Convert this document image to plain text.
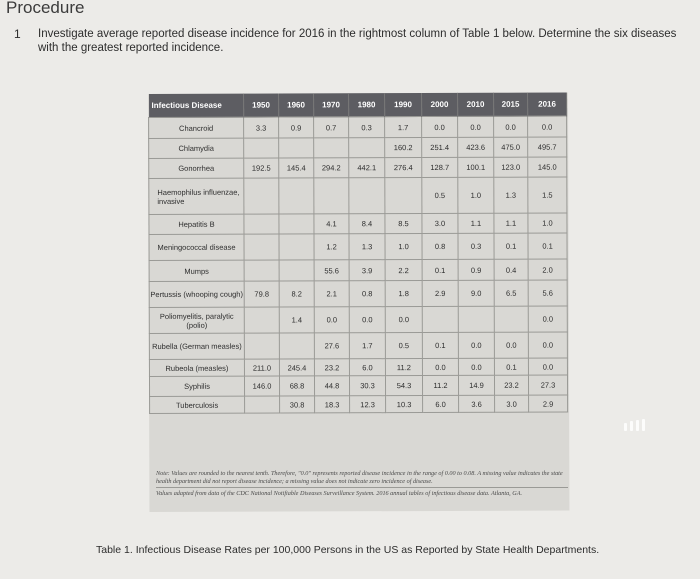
Procedure
1 Investigate average reported disease incidence for 2016 in the rightmost column of Table 1 below. Determine the six diseases with the greatest reported incidence.
Infectious Disease	1950	1960	1970	1980	1990	2000	2010	2015	2016
Chancroid	3.3	0.9	0.7	0.3	1.7	0.0	0.0	0.0	0.0
Chlamydia					160.2	251.4	423.6	475.0	495.7
Gonorrhea	192.5	145.4	294.2	442.1	276.4	128.7	100.1	123.0	145.0
Haemophilus influenzae, invasive						0.5	1.0	1.3	1.5
Hepatitis B			4.1	8.4	8.5	3.0	1.1	1.1	1.0
Meningococcal disease			1.2	1.3	1.0	0.8	0.3	0.1	0.1
Mumps			55.6	3.9	2.2	0.1	0.9	0.4	2.0
Pertussis (whooping cough)	79.8	8.2	2.1	0.8	1.8	2.9	9.0	6.5	5.6
Poliomyelitis, paralytic (polio)		1.4	0.0	0.0	0.0				0.0
Rubella (German measles)			27.6	1.7	0.5	0.1	0.0	0.0	0.0
Rubeola (measles)	211.0	245.4	23.2	6.0	11.2	0.0	0.0	0.1	0.0
Syphilis	146.0	68.8	44.8	30.3	54.3	11.2	14.9	23.2	27.3
Tuberculosis		30.8	18.3	12.3	10.3	6.0	3.6	3.0	2.9
Note: Values are rounded to the nearest tenth. Therefore, "0.0" represents reported disease incidence in the range of 0.00 to 0.08. A missing value indicates the state health department did not report disease incidence; a missing value does not indicate zero incidence of disease.
Values adapted from data of the CDC National Notifiable Diseases Surveillance System. 2016 annual tables of infectious disease data. Atlanta, GA.
Table 1. Infectious Disease Rates per 100,000 Persons in the US as Reported by State Health Departments.
